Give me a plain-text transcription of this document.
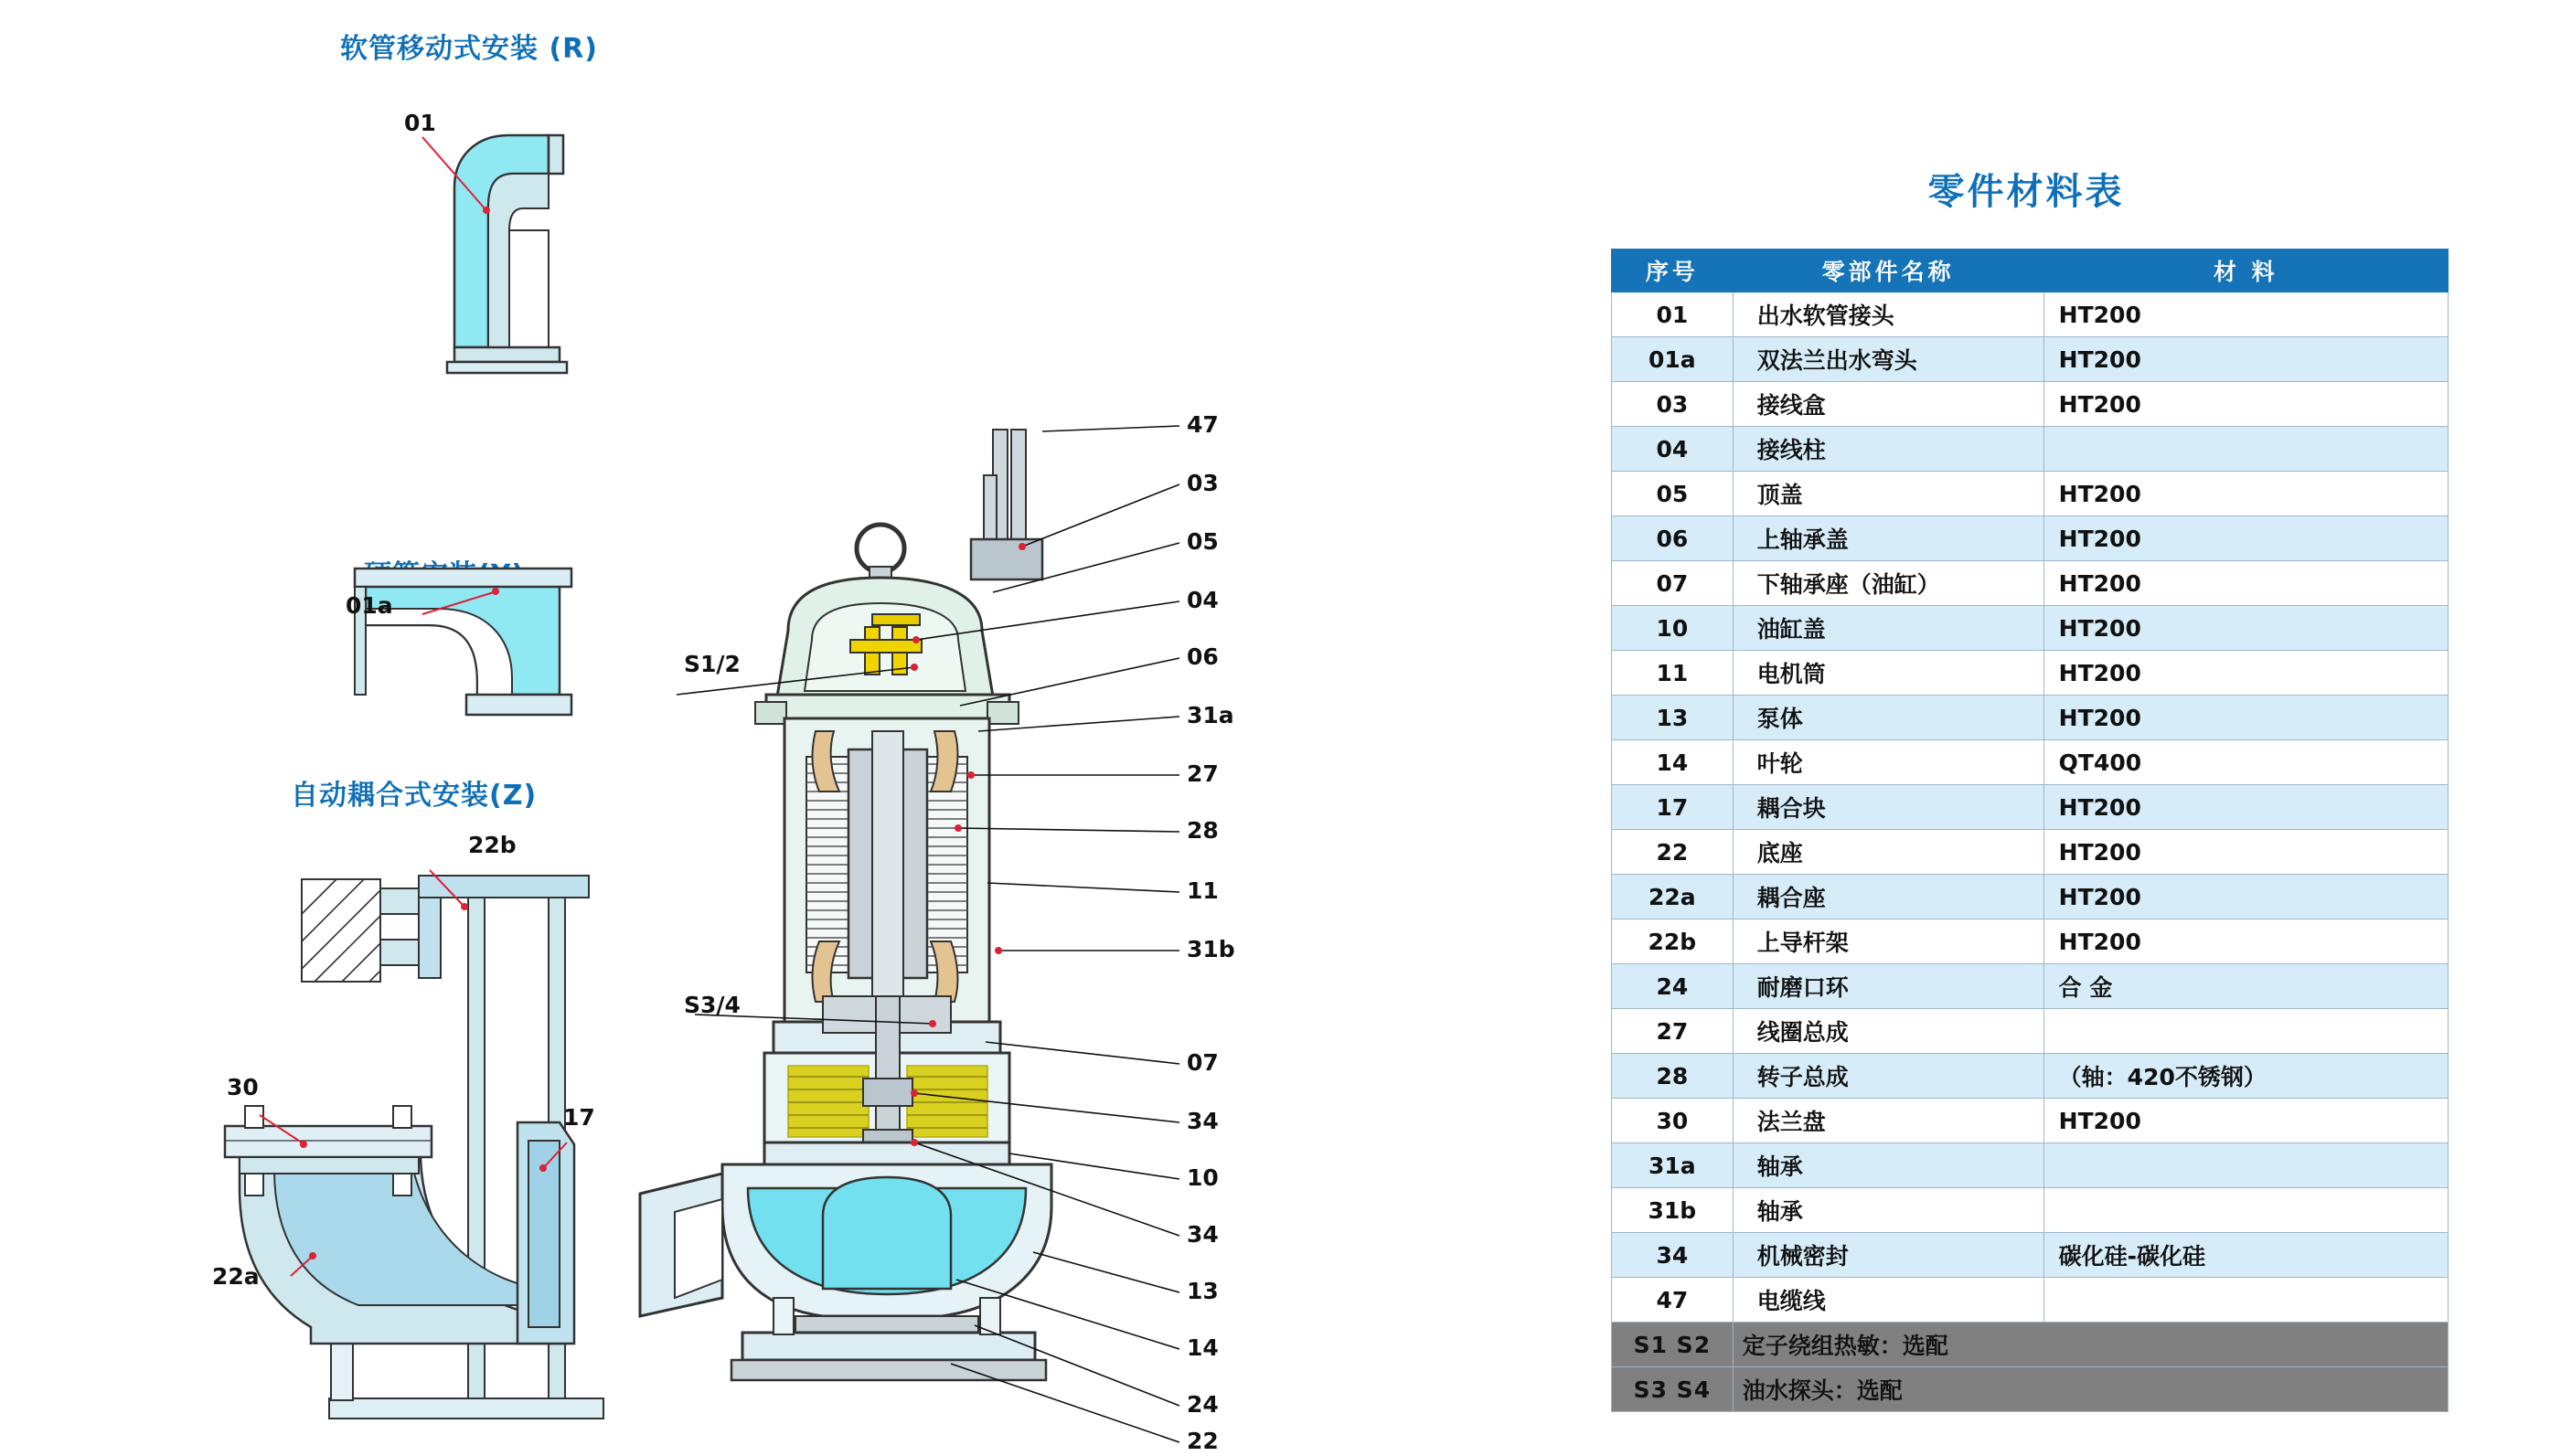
软管移动式安装 (R)
自动耦合式安装(Z)
01
01a
22b
30
17
22a
S1/2
S3/4
47
03
05
04
06
31a
27
28
11
31b
07
34
10
34
13
14
24
22
零件材料表
序号	零部件名称	材 料
01	出水软管接头	HT200
01a	双法兰出水弯头	HT200
03	接线盒	HT200
04	接线柱	
05	顶盖	HT200
06	上轴承盖	HT200
07	下轴承座（油缸）	HT200
10	油缸盖	HT200
11	电机筒	HT200
13	泵体	HT200
14	叶轮	QT400
17	耦合块	HT200
22	底座	HT200
22a	耦合座	HT200
22b	上导杆架	HT200
24	耐磨口环	合 金
27	线圈总成	
28	转子总成	（轴：420不锈钢）
30	法兰盘	HT200
31a	轴承	
31b	轴承	
34	机械密封	碳化硅-碳化硅
47	电缆线	
S1 S2	定子绕组热敏：选配	
S3 S4	油水探头：选配	
